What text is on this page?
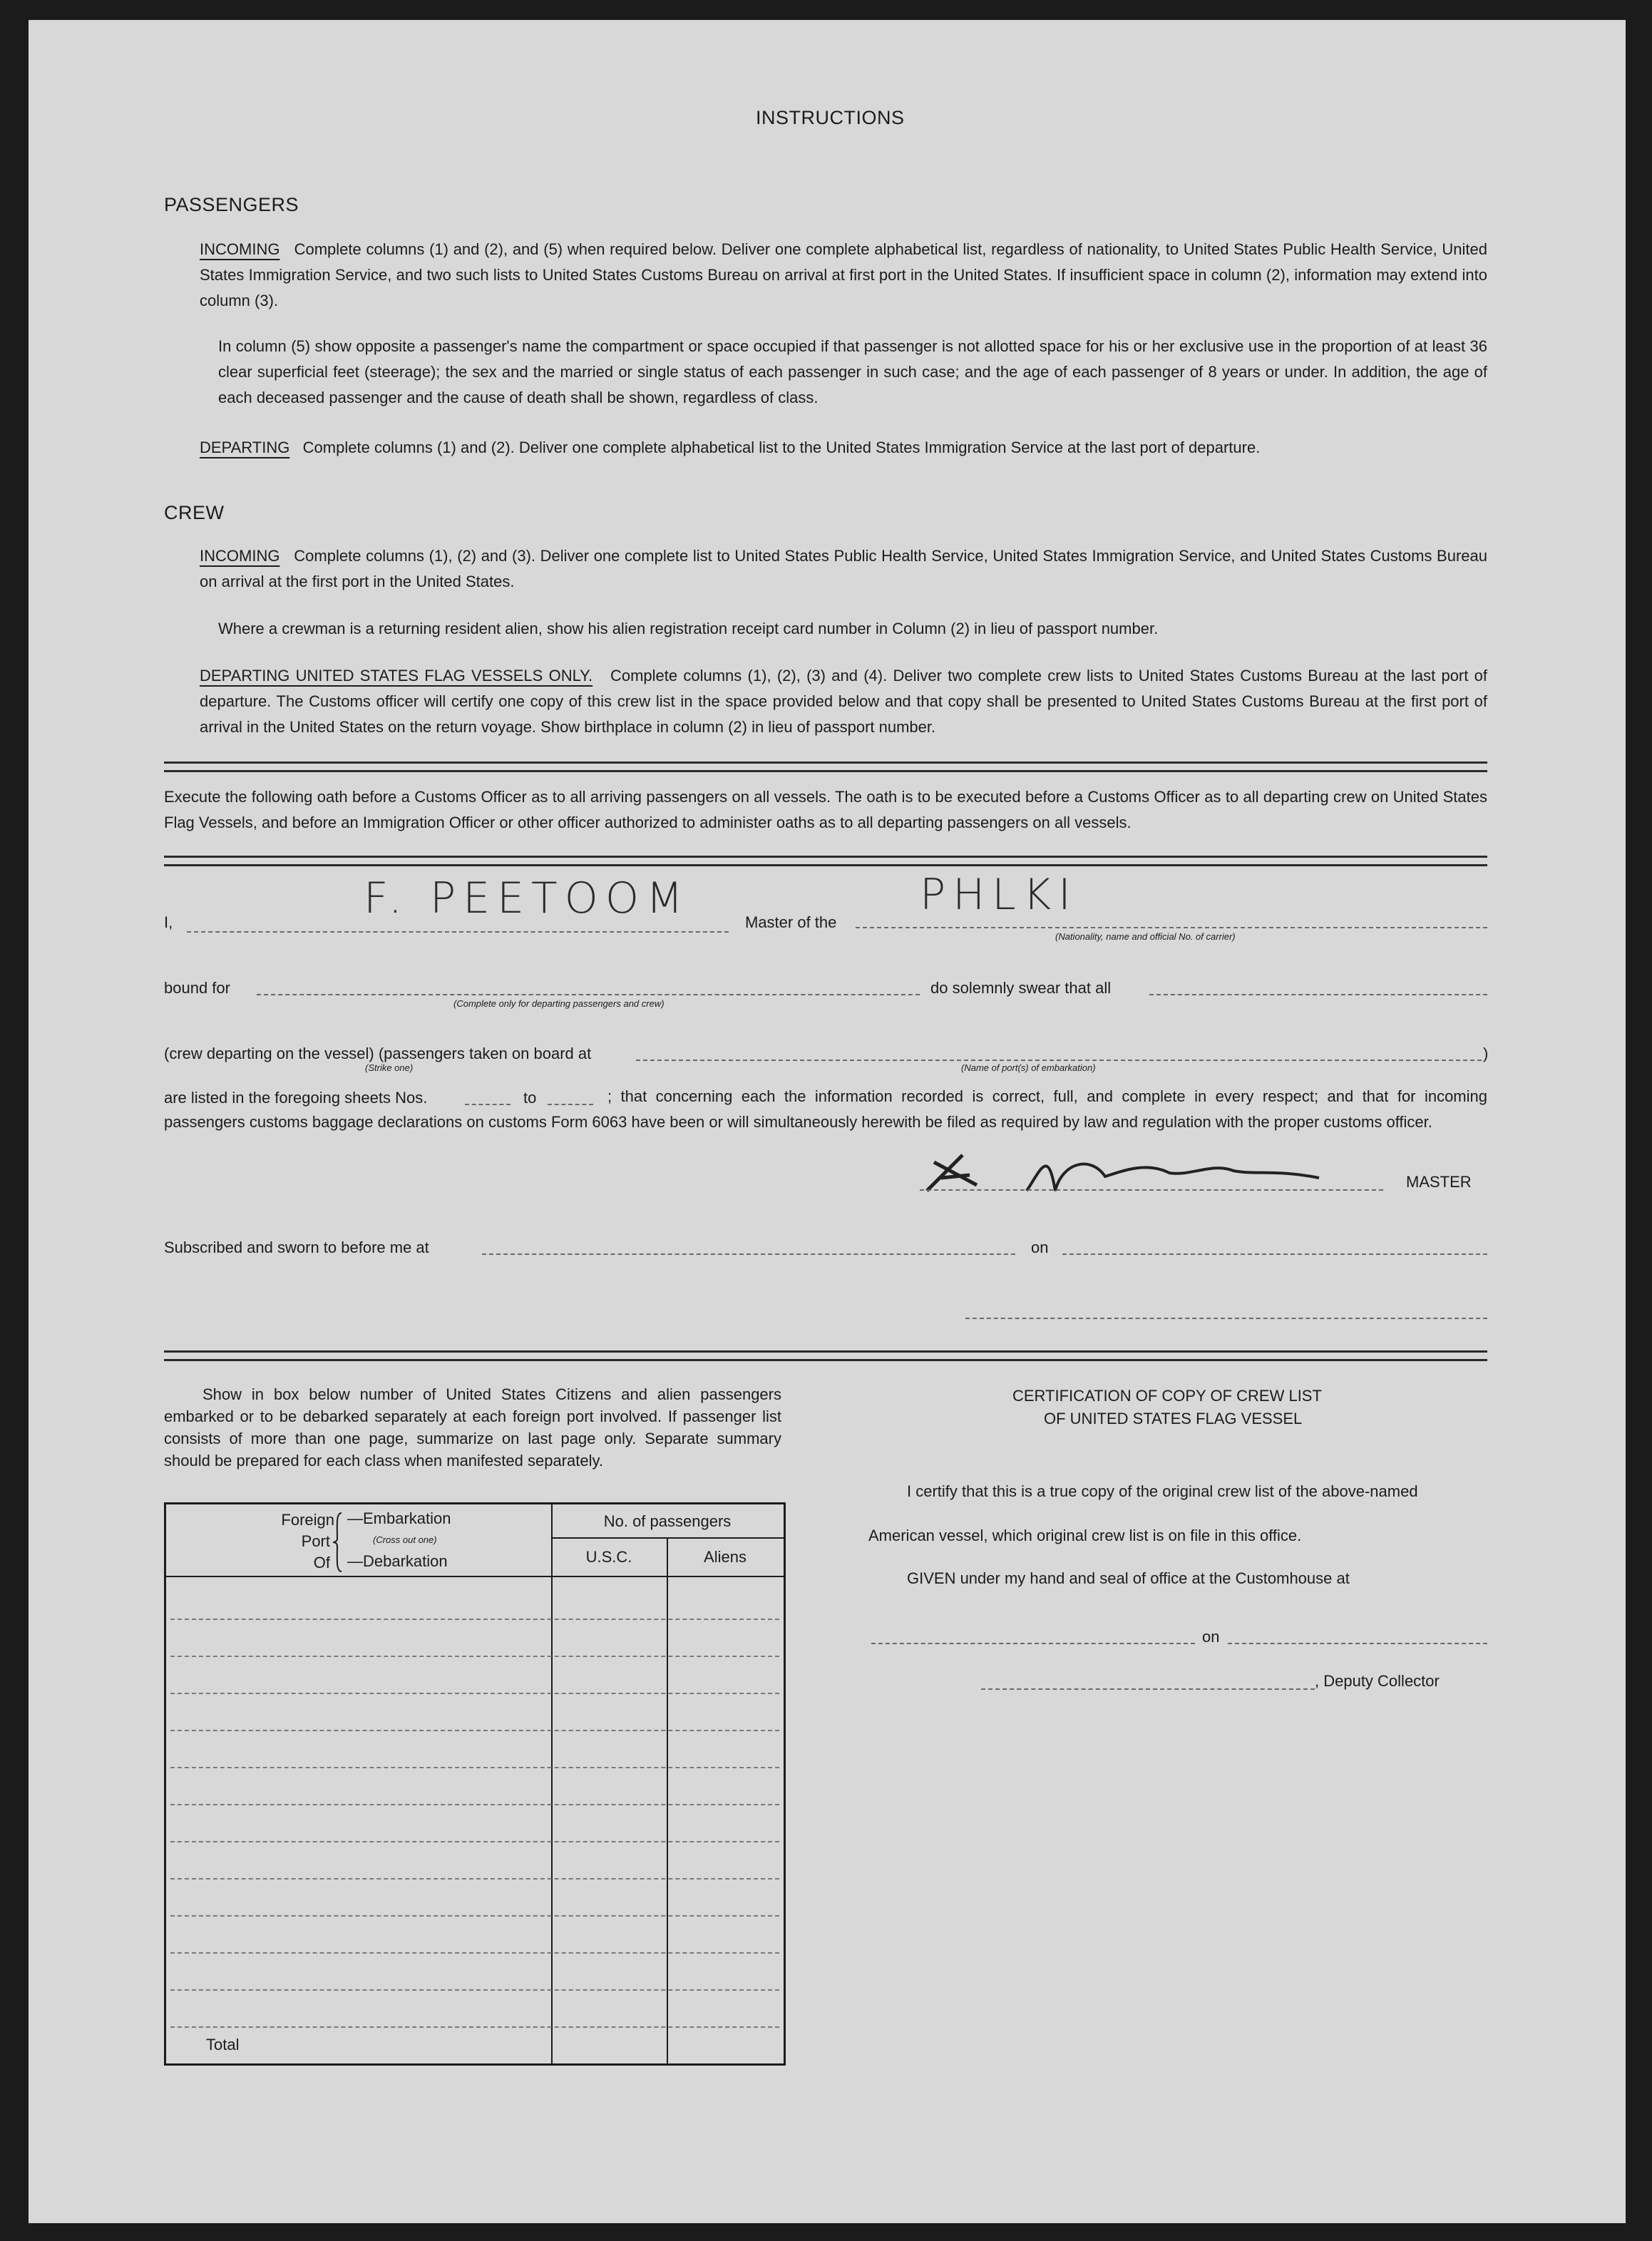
INSTRUCTIONS
PASSENGERS
INCOMING Complete columns (1) and (2), and (5) when required below. Deliver one complete alphabetical list, regardless of nationality, to United States Public Health Service, United States Immigration Service, and two such lists to United States Customs Bureau on arrival at first port in the United States. If insufficient space in column (2), information may extend into column (3).
In column (5) show opposite a passenger's name the compartment or space occupied if that passenger is not allotted space for his or her exclusive use in the proportion of at least 36 clear superficial feet (steerage); the sex and the married or single status of each passenger in such case; and the age of each passenger of 8 years or under. In addition, the age of each deceased passenger and the cause of death shall be shown, regardless of class.
DEPARTING Complete columns (1) and (2). Deliver one complete alphabetical list to the United States Immigration Service at the last port of departure.
CREW
INCOMING Complete columns (1), (2) and (3). Deliver one complete list to United States Public Health Service, United States Immigration Service, and United States Customs Bureau on arrival at the first port in the United States.
Where a crewman is a returning resident alien, show his alien registration receipt card number in Column (2) in lieu of passport number.
DEPARTING UNITED STATES FLAG VESSELS ONLY. Complete columns (1), (2), (3) and (4). Deliver two complete crew lists to United States Customs Bureau at the last port of departure. The Customs officer will certify one copy of this crew list in the space provided below and that copy shall be presented to United States Customs Bureau at the first port of arrival in the United States on the return voyage. Show birthplace in column (2) in lieu of passport number.
Execute the following oath before a Customs Officer as to all arriving passengers on all vessels. The oath is to be executed before a Customs Officer as to all departing crew on United States Flag Vessels, and before an Immigration Officer or other officer authorized to administer oaths as to all departing passengers on all vessels.
I,	F. PEETOOM	Master of the
PHLKI
(Nationality, name and official No. of carrier)
bound for
(Complete only for departing passengers and crew)
do solemnly swear that all
(crew departing on the vessel) (passengers taken on board at
(Strike one)	(Name of port(s) of embarkation)
)
are listed in the foregoing sheets Nos.	to	; that concerning each the information recorded is correct, full, and complete in every respect; and that for incoming passengers customs baggage declarations on customs Form 6063 have been or will simultaneously herewith be filed as required by law and regulation with the proper customs officer.
MASTER
Subscribed and sworn to before me at	on
Show in box below number of United States Citizens and alien passengers embarked or to be debarked separately at each foreign port involved. If passenger list consists of more than one page, summarize on last page only. Separate summary should be prepared for each class when manifested separately.
Foreign
Port
Of
—Embarkation
(Cross out one)
—Debarkation
No. of passengers
U.S.C.	Aliens
Total
CERTIFICATION OF COPY OF CREW LIST
OF UNITED STATES FLAG VESSEL
I certify that this is a true copy of the original crew list of the above-named
American vessel, which original crew list is on file in this office.
GIVEN under my hand and seal of office at the Customhouse at
on
, Deputy Collector
